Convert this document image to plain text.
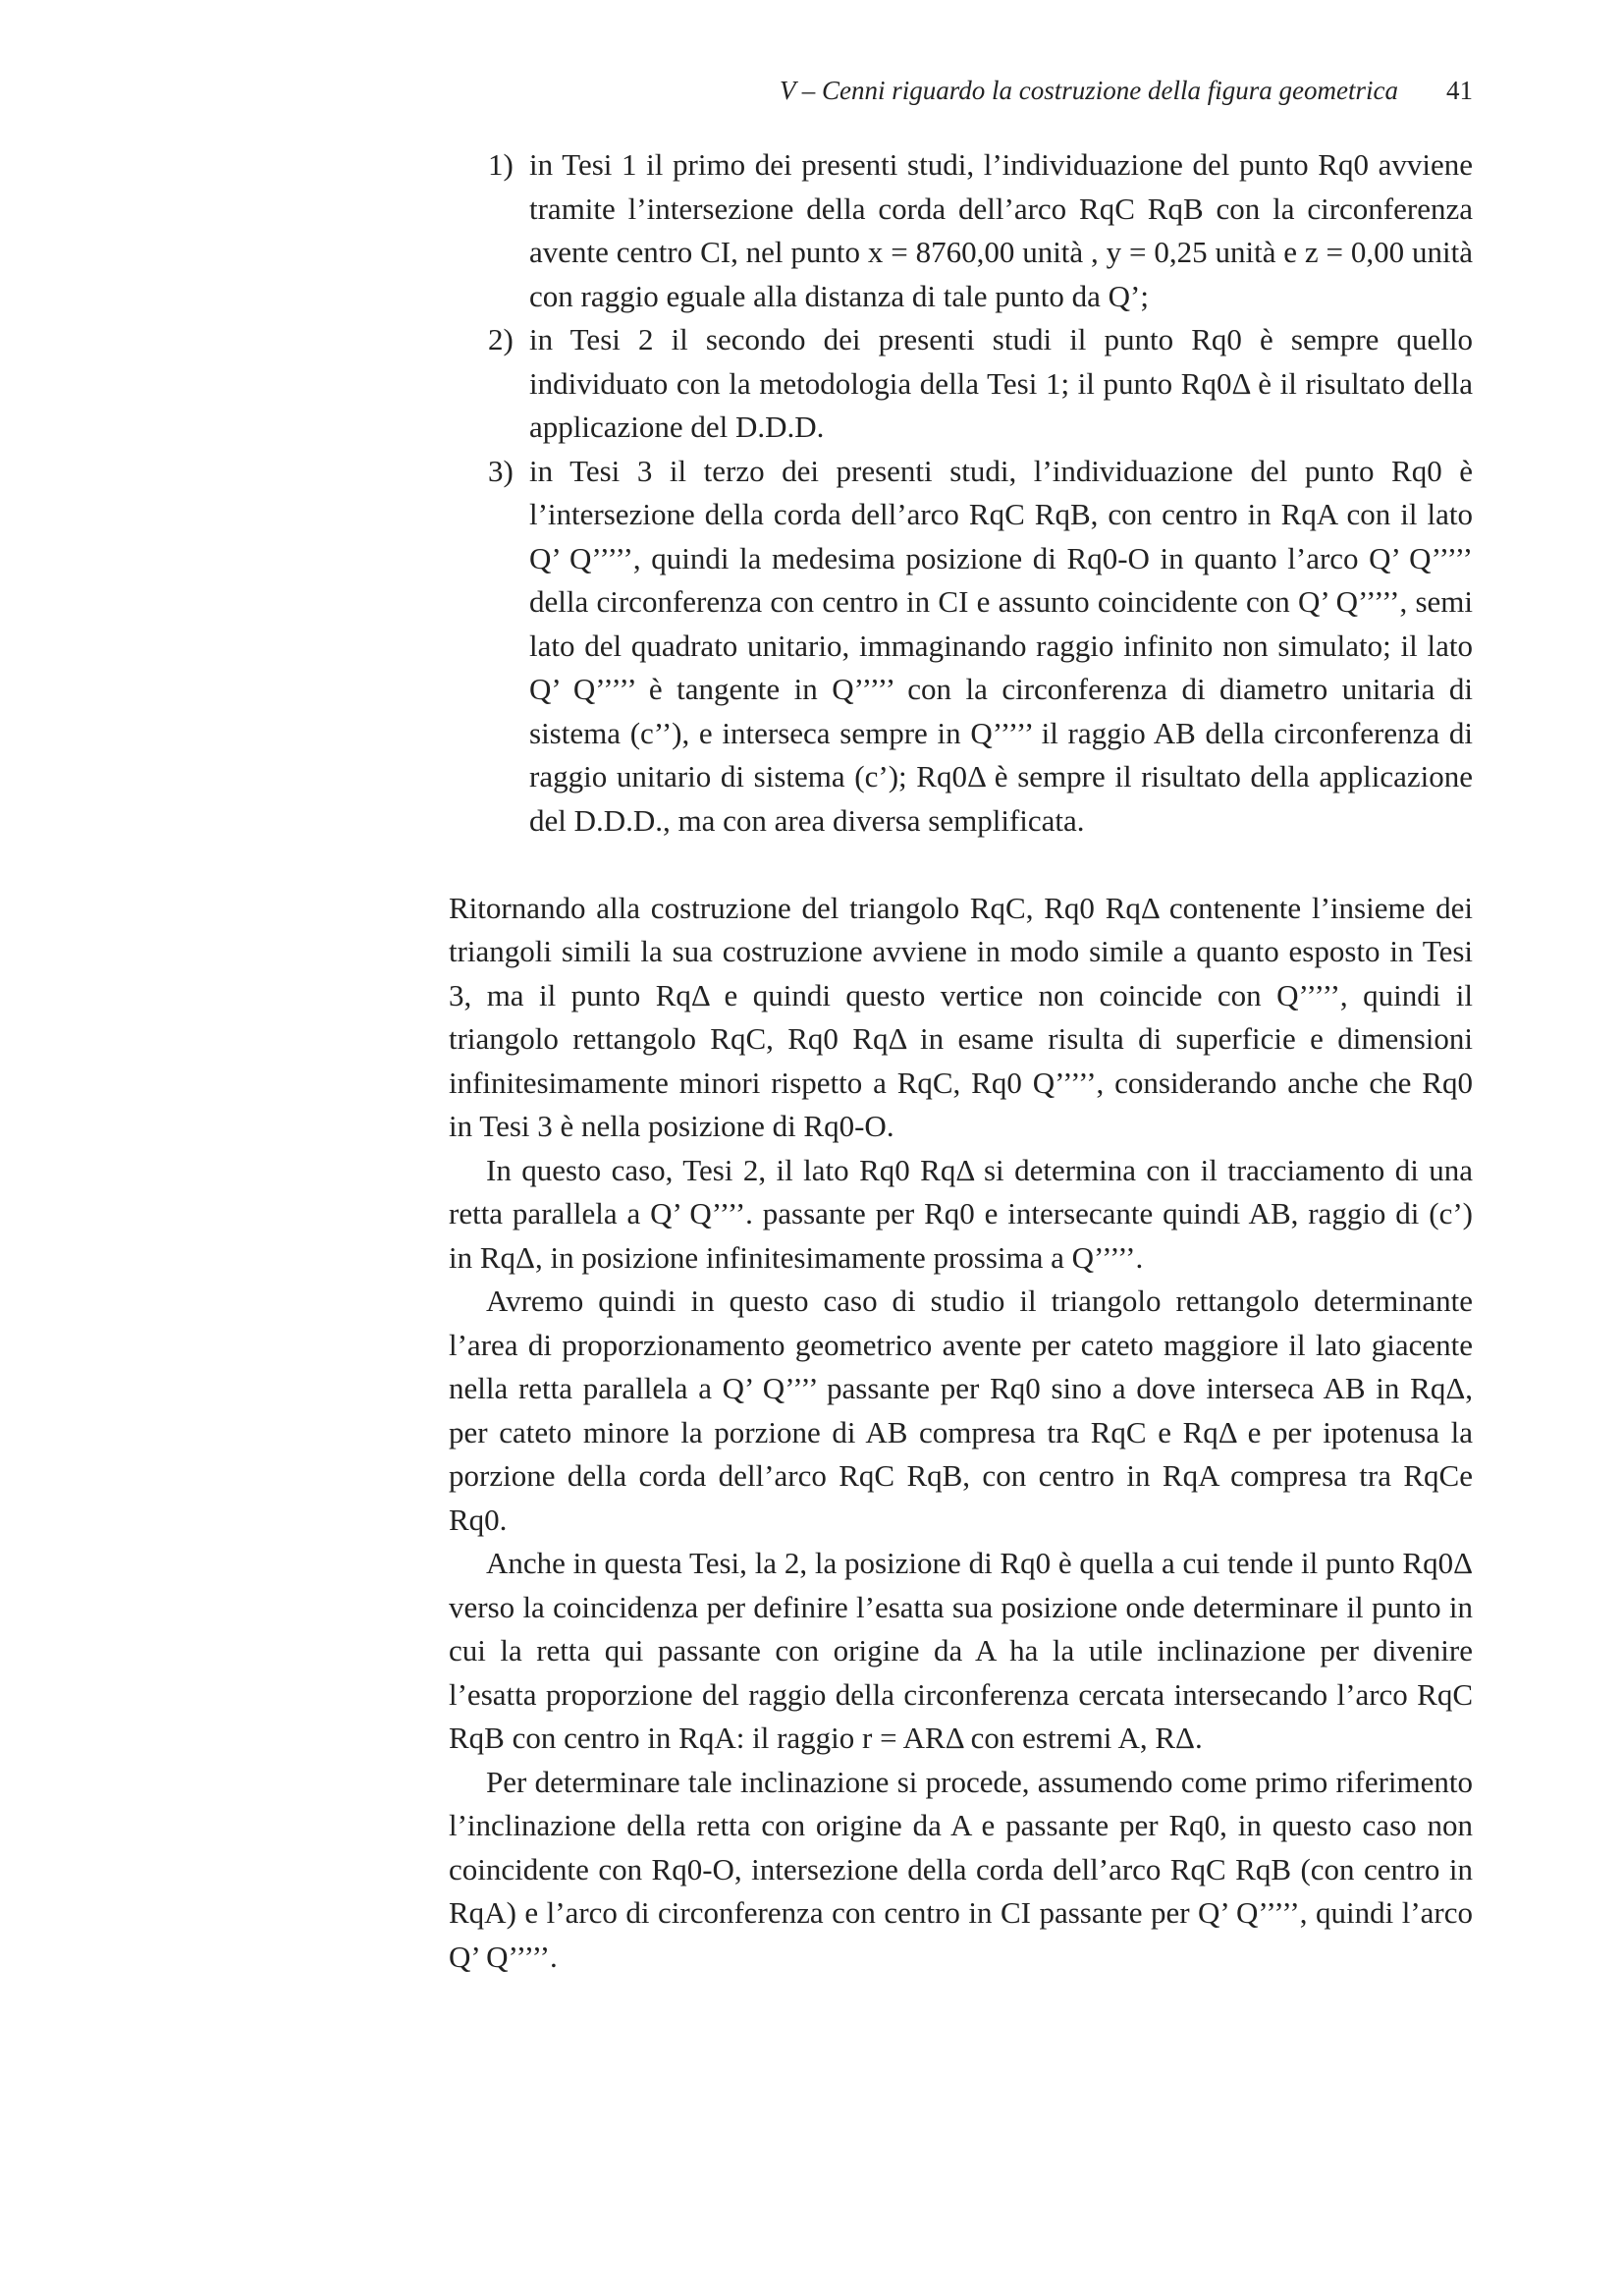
V – Cenni riguardo la costruzione della figura geometrica 41
1) in Tesi 1 il primo dei presenti studi, l’individuazione del punto Rq0 avviene tramite l’intersezione della corda dell’arco RqC RqB con la circonferenza avente centro CI, nel punto x = 8760,00 unità , y = 0,25 unità e z = 0,00 unità con raggio eguale alla distanza di tale punto da Q’;
2) in Tesi 2 il secondo dei presenti studi il punto Rq0 è sempre quello individuato con la metodologia della Tesi 1; il punto Rq0Δ è il risultato della applicazione del D.D.D.
3) in Tesi 3 il terzo dei presenti studi, l’individuazione del punto Rq0 è l’intersezione della corda dell’arco RqC RqB, con centro in RqA con il lato Q’ Q’’’’’, quindi la medesima posizione di Rq0-O in quanto l’arco Q’ Q’’’’’ della circonferenza con centro in CI e assunto coincidente con Q’ Q’’’’’, semi lato del quadrato unitario, immaginando raggio infinito non simulato; il lato Q’ Q’’’’’ è tangente in Q’’’’’ con la circonferenza di diametro unitaria di sistema (c’’), e interseca sempre in Q’’’’’ il raggio AB della circonferenza di raggio unitario di sistema (c’); Rq0Δ è sempre il risultato della applicazione del D.D.D., ma con area diversa semplificata.

Ritornando alla costruzione del triangolo RqC, Rq0 RqΔ contenente l’insieme dei triangoli simili la sua costruzione avviene in modo simile a quanto esposto in Tesi 3, ma il punto RqΔ e quindi questo vertice non coincide con Q’’’’’, quindi il triangolo rettangolo RqC, Rq0 RqΔ in esame risulta di superficie e dimensioni infinitesimamente minori rispetto a RqC, Rq0 Q’’’’’, considerando anche che Rq0 in Tesi 3 è nella posizione di Rq0-O.

In questo caso, Tesi 2, il lato Rq0 RqΔ si determina con il tracciamento di una retta parallela a Q’ Q’’’’. passante per Rq0 e intersecante quindi AB, raggio di (c’) in RqΔ, in posizione infinitesimamente prossima a Q’’’’’.

Avremo quindi in questo caso di studio il triangolo rettangolo determinante l’area di proporzionamento geometrico avente per cateto maggiore il lato giacente nella retta parallela a Q’ Q’’’’ passante per Rq0 sino a dove interseca AB in RqΔ, per cateto minore la porzione di AB compresa tra RqC e RqΔ e per ipotenusa la porzione della corda dell’arco RqC RqB, con centro in RqA compresa tra RqCe Rq0.

Anche in questa Tesi, la 2, la posizione di Rq0 è quella a cui tende il punto Rq0Δ verso la coincidenza per definire l’esatta sua posizione onde determinare il punto in cui la retta qui passante con origine da A ha la utile inclinazione per divenire l’esatta proporzione del raggio della circonferenza cercata intersecando l’arco RqC RqB con centro in RqA: il raggio r = ARΔ con estremi A, RΔ.

Per determinare tale inclinazione si procede, assumendo come primo riferimento l’inclinazione della retta con origine da A e passante per Rq0, in questo caso non coincidente con Rq0-O, intersezione della corda dell’arco RqC RqB (con centro in RqA) e l’arco di circonferenza con centro in CI passante per Q’ Q’’’’’, quindi l’arco Q’ Q’’’’’.
